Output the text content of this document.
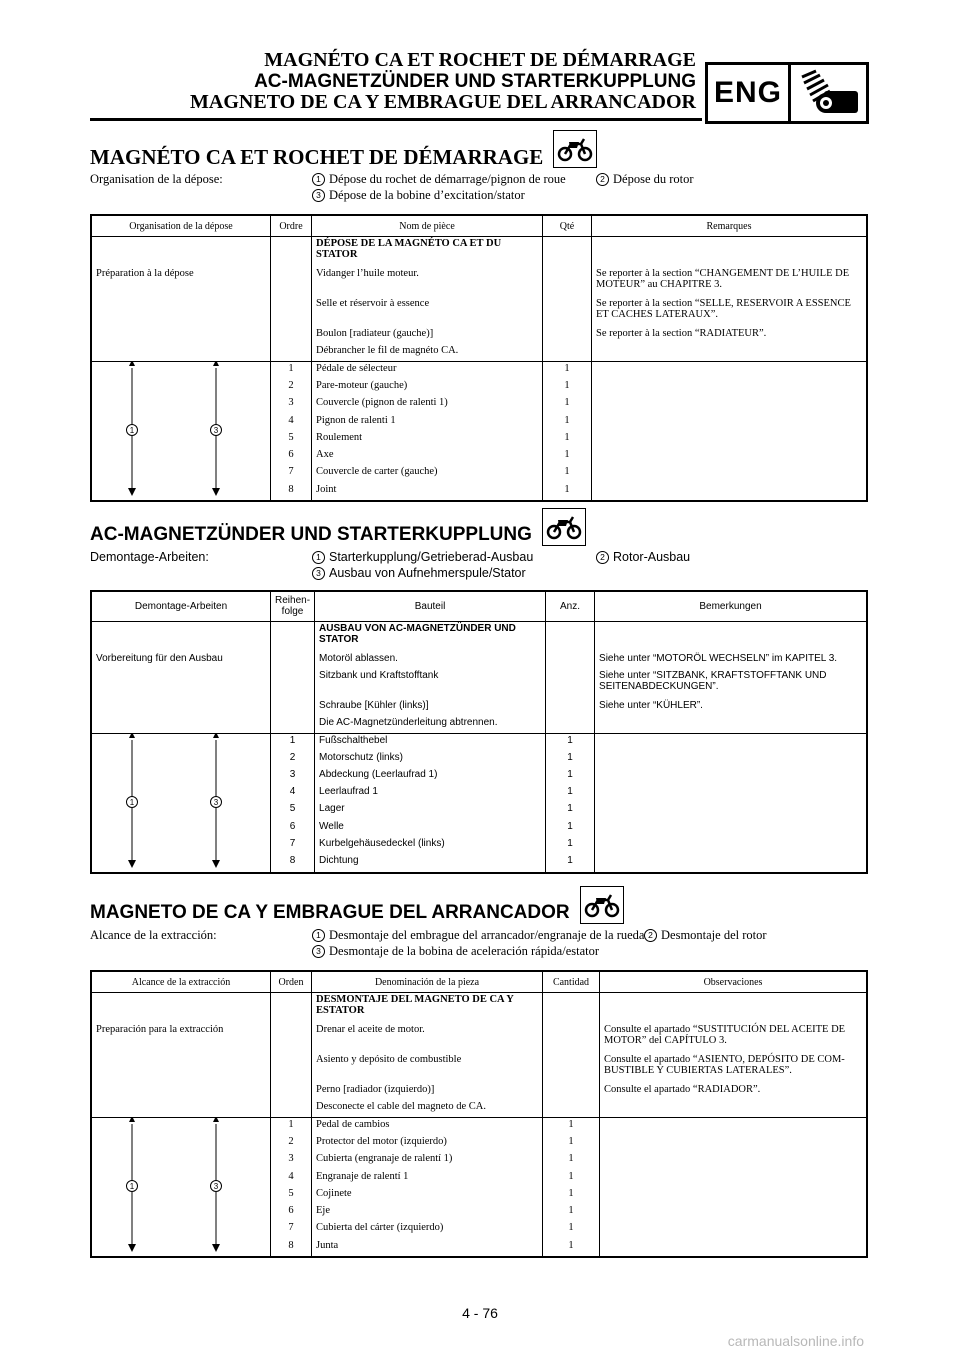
MAGNÉTO CA ET ROCHET DE DÉMARRAGE
AC-MAGNETZÜNDER UND STARTERKUPPLUNG
MAGNETO DE CA Y EMBRAGUE DEL ARRANCADOR ENG
MAGNÉTO CA ET ROCHET DE DÉMARRAGE
Organisation de la dépose:	1 Dépose du rochet de démarrage/pignon de roue	2 Dépose du rotor
3 Dépose de la bobine d’excitation/stator
Organisation de la dépose	Ordre	Nom de pièce	Qté	Remarques
		DÉPOSE DE LA MAGNÉTO CA ET DU STATOR		
Préparation à la dépose		Vidanger l’huile moteur.		Se reporter à la section “CHANGEMENT DE L’HUILE DE MOTEUR” au CHAPITRE 3.
		Selle et réservoir à essence		Se reporter à la section “SELLE, RESERVOIR A ESSENCE ET CACHES LATERAUX”.
		Boulon [radiateur (gauche)]		Se reporter à la section “RADIATEUR”.
		Débrancher le fil de magnéto CA.		

1 3	1	Pédale de sélecteur	1	
	2	Pare-moteur (gauche)	1	
	3	Couvercle (pignon de ralenti 1)	1	
	4	Pignon de ralenti 1	1	
	5	Roulement	1	
	6	Axe	1	
	7	Couvercle de carter (gauche)	1	
	8	Joint	1	
AC-MAGNETZÜNDER UND STARTERKUPPLUNG
Demontage-Arbeiten:	1 Starterkupplung/Getrieberad-Ausbau	2 Rotor-Ausbau
3 Ausbau von Aufnehmerspule/Stator
Demontage-Arbeiten	Reihen-folge	Bauteil	Anz.	Bemerkungen
		AUSBAU VON AC-MAGNETZÜNDER UND STATOR		
Vorbereitung für den Ausbau		Motoröl ablassen.		Siehe unter “MOTORÖL WECHSELN” im KAPITEL 3.
		Sitzbank und Kraftstofftank		Siehe unter “SITZBANK, KRAFTSTOFFTANK UND SEITENABDECKUNGEN”.
		Schraube [Kühler (links)]		Siehe unter “KÜHLER”.
		Die AC-Magnetzünderleitung abtrennen.		

1 3	1	Fußschalthebel	1	
	2	Motorschutz (links)	1	
	3	Abdeckung (Leerlaufrad 1)	1	
	4	Leerlaufrad 1	1	
	5	Lager	1	
	6	Welle	1	
	7	Kurbelgehäusedeckel (links)	1	
	8	Dichtung	1	
MAGNETO DE CA Y EMBRAGUE DEL ARRANCADOR
Alcance de la extracción:	1 Desmontaje del embrague del arrancador/engranaje de la rueda 2 Desmontaje del rotor
3 Desmontaje de la bobina de aceleración rápida/estator
Alcance de la extracción	Orden	Denominación de la pieza	Cantidad	Observaciones
		DESMONTAJE DEL MAGNETO DE CA Y ESTATOR		
Preparación para la extracción		Drenar el aceite de motor.		Consulte el apartado “SUSTITUCIÓN DEL ACEITE DE MOTOR” del CAPÍTULO 3.
		Asiento y depósito de combustible		Consulte el apartado “ASIENTO, DEPÓSITO DE COM-BUSTIBLE Y CUBIERTAS LATERALES”.
		Perno [radiador (izquierdo)]		Consulte el apartado “RADIADOR”.
		Desconecte el cable del magneto de CA.		

1 3	1	Pedal de cambios	1	
	2	Protector del motor (izquierdo)	1	
	3	Cubierta (engranaje de ralentí 1)	1	
	4	Engranaje de ralentí 1	1	
	5	Cojinete	1	
	6	Eje	1	
	7	Cubierta del cárter (izquierdo)	1	
	8	Junta	1	
4 - 76
carmanualsonline.info
